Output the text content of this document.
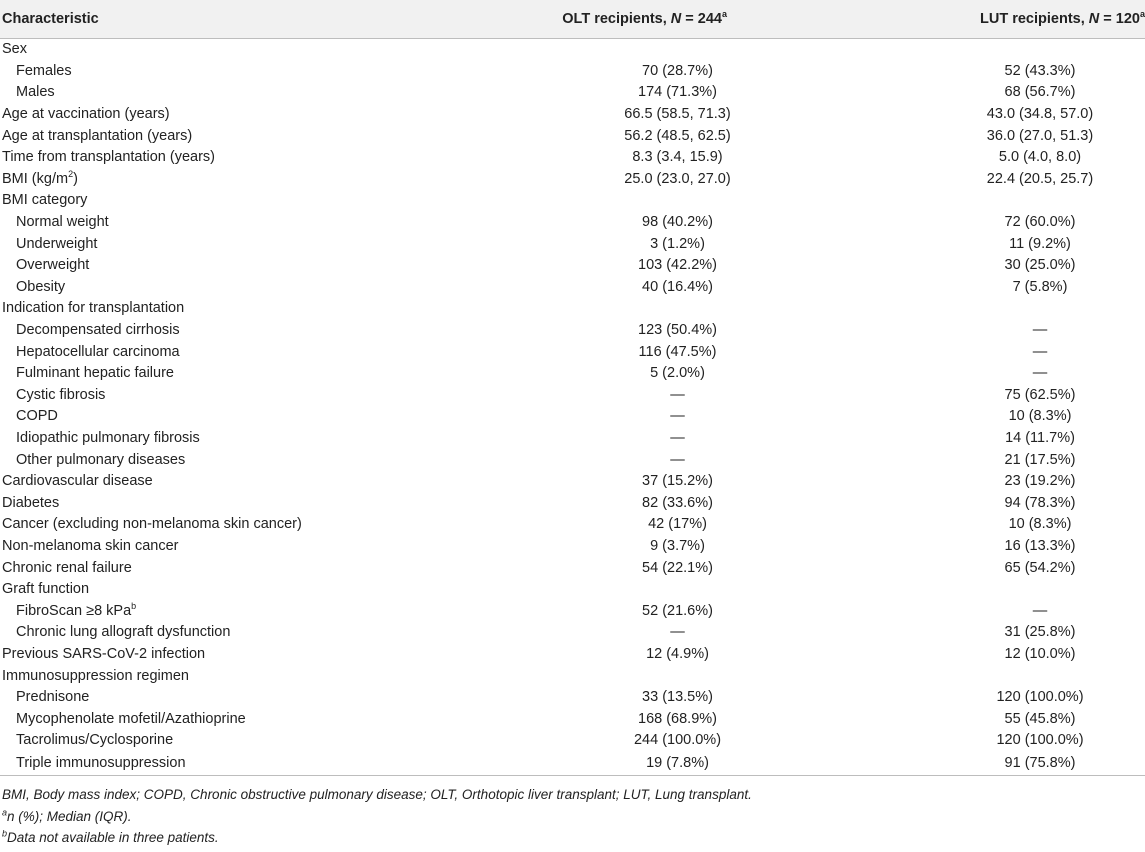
Characteristic	OLT recipients, $N = 244^a$	LUT recipients, $N = 120^a$
Sex		
Females	70 (28.7%)	52 (43.3%)
Males	174 (71.3%)	68 (56.7%)
Age at vaccination (years)	66.5 (58.5, 71.3)	43.0 (34.8, 57.0)
Age at transplantation (years)	56.2 (48.5, 62.5)	36.0 (27.0, 51.3)
Time from transplantation (years)	8.3 (3.4, 15.9)	5.0 (4.0, 8.0)
BMI $(kg/m^2)$	25.0 (23.0, 27.0)	22.4 (20.5, 25.7)
BMI category		
Normal weight	98 (40.2%)	72 (60.0%)
Underweight	3 (1.2%)	11 (9.2%)
Overweight	103 (42.2%)	30 (25.0%)
Obesity	40 (16.4%)	7 (5.8%)
Indication for transplantation		
Decompensated cirrhosis	123 (50.4%)	—
Hepatocellular carcinoma	116 (47.5%)	—
Fulminant hepatic failure	5 (2.0%)	—
Cystic fibrosis	—	75 (62.5%)
COPD	—	10 (8.3%)
Idiopathic pulmonary fibrosis	—	14 (11.7%)
Other pulmonary diseases	—	21 (17.5%)
Cardiovascular disease	37 (15.2%)	23 (19.2%)
Diabetes	82 (33.6%)	94 (78.3%)
Cancer (excluding non-melanoma skin cancer)	42 (17%)	10 (8.3%)
Non-melanoma skin cancer	9 (3.7%)	16 (13.3%)
Chronic renal failure	54 (22.1%)	65 (54.2%)
Graft function		
FibroScan ≥8 kPa$^b$	52 (21.6%)	—
Chronic lung allograft dysfunction	—	31 (25.8%)
Previous SARS-CoV-2 infection	12 (4.9%)	12 (10.0%)
Immunosuppression regimen		
Prednisone	33 (13.5%)	120 (100.0%)
Mycophenolate mofetil/Azathioprine	168 (68.9%)	55 (45.8%)
Tacrolimus/Cyclosporine	244 (100.0%)	120 (100.0%)
Triple immunosuppression	19 (7.8%)	91 (75.8%)
BMI, Body mass index; COPD, Chronic obstructive pulmonary disease; OLT, Orthotopic liver transplant; LUT, Lung transplant.
$^a$n (%); Median (IQR).
$^b$Data not available in three patients.
